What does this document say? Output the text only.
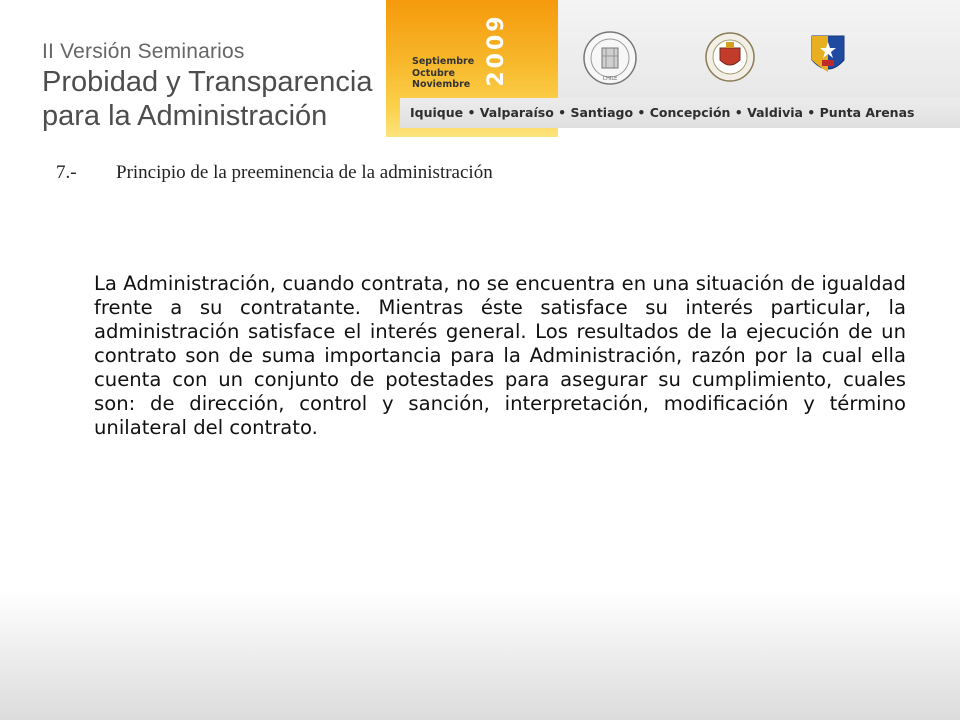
II Versión Seminarios

Probidad y Transparencia
para la Administración
Septiembre
Octubre
Noviembre 2009	CHILE
Iquique • Valparaíso • Santiago • Concepción • Valdivia • Punta Arenas
7.- Principio de la preeminencia de la administración

La Administración, cuando contrata, no se encuentra en una situación de igualdad frente a su contratante. Mientras éste satisface su interés particular, la administración satisface el interés general. Los resultados de la ejecución de un contrato son de suma importancia para la Administración, razón por la cual ella cuenta con un conjunto de potestades para asegurar su cumplimiento, cuales son: de dirección, control y sanción, interpretación, modificación y término unilateral del contrato.
